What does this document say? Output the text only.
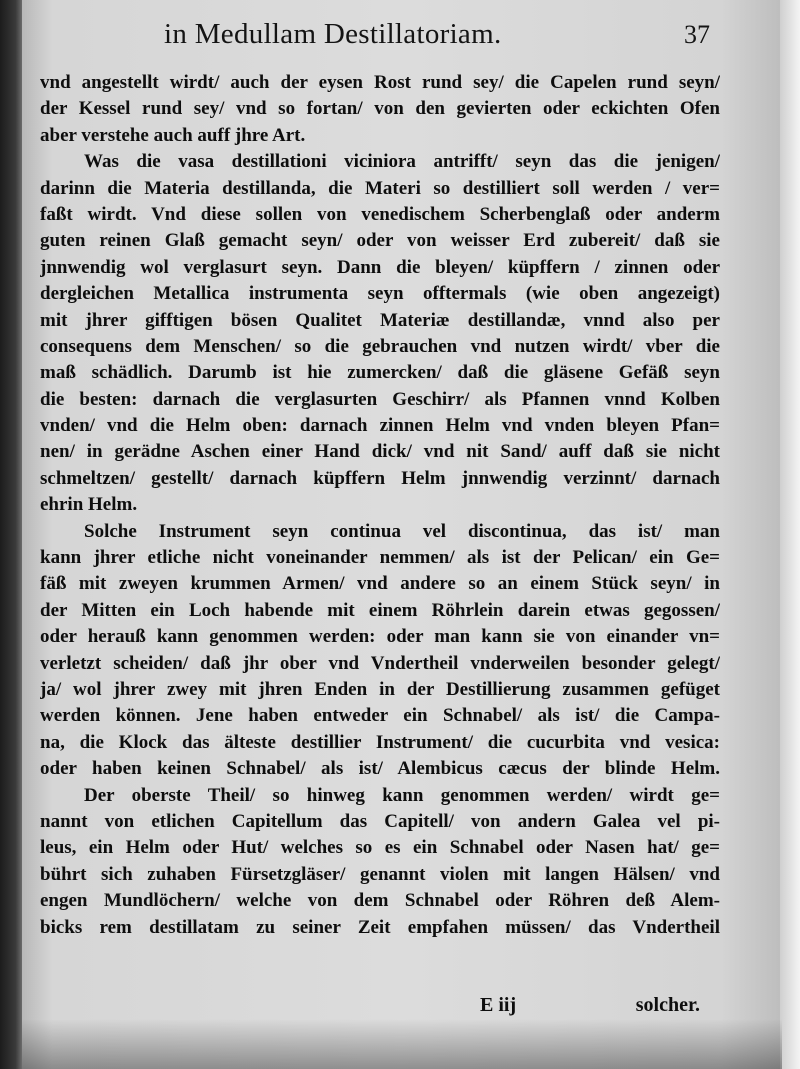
in Medullam Destillatoriam.	37
vnd angestellt wirdt/ auch der eysen Rost rund sey/ die Capelen rund seyn/
der Kessel rund sey/ vnd so fortan/ von den gevierten oder eckichten Ofen
aber verstehe auch auff jhre Art.
Was die vasa destillationi viciniora antrifft/ seyn das die jenigen/
darinn die Materia destillanda, die Materi so destilliert soll werden / ver=
faßt wirdt. Vnd diese sollen von venedischem Scherbenglaß oder anderm
guten reinen Glaß gemacht seyn/ oder von weisser Erd zubereit/ daß sie
jnnwendig wol verglasurt seyn. Dann die bleyen/ küpffern / zinnen oder
dergleichen Metallica instrumenta seyn offtermals (wie oben angezeigt)
mit jhrer gifftigen bösen Qualitet Materiæ destillandæ, vnnd also per
consequens dem Menschen/ so die gebrauchen vnd nutzen wirdt/ vber die
maß schädlich. Darumb ist hie zumercken/ daß die gläsene Gefäß seyn
die besten: darnach die verglasurten Geschirr/ als Pfannen vnnd Kolben
vnden/ vnd die Helm oben: darnach zinnen Helm vnd vnden bleyen Pfan=
nen/ in gerädne Aschen einer Hand dick/ vnd nit Sand/ auff daß sie nicht
schmeltzen/ gestellt/ darnach küpffern Helm jnnwendig verzinnt/ darnach
ehrin Helm.
Solche Instrument seyn continua vel discontinua, das ist/ man
kann jhrer etliche nicht voneinander nemmen/ als ist der Pelican/ ein Ge=
fäß mit zweyen krummen Armen/ vnd andere so an einem Stück seyn/ in
der Mitten ein Loch habende mit einem Röhrlein darein etwas gegossen/
oder herauß kann genommen werden: oder man kann sie von einander vn=
verletzt scheiden/ daß jhr ober vnd Vndertheil vnderweilen besonder gelegt/
ja/ wol jhrer zwey mit jhren Enden in der Destillierung zusammen gefüget
werden können. Jene haben entweder ein Schnabel/ als ist/ die Campa-
na, die Klock das älteste destillier Instrument/ die cucurbita vnd vesica:
oder haben keinen Schnabel/ als ist/ Alembicus cæcus der blinde Helm.
Der oberste Theil/ so hinweg kann genommen werden/ wirdt ge=
nannt von etlichen Capitellum das Capitell/ von andern Galea vel pi-
leus, ein Helm oder Hut/ welches so es ein Schnabel oder Nasen hat/ ge=
bührt sich zuhaben Fürsetzgläser/ genannt violen mit langen Hälsen/ vnd
engen Mundlöchern/ welche von dem Schnabel oder Röhren deß Alem-
bicks rem destillatam zu seiner Zeit empfahen müssen/ das Vndertheil
E iij	solcher.
